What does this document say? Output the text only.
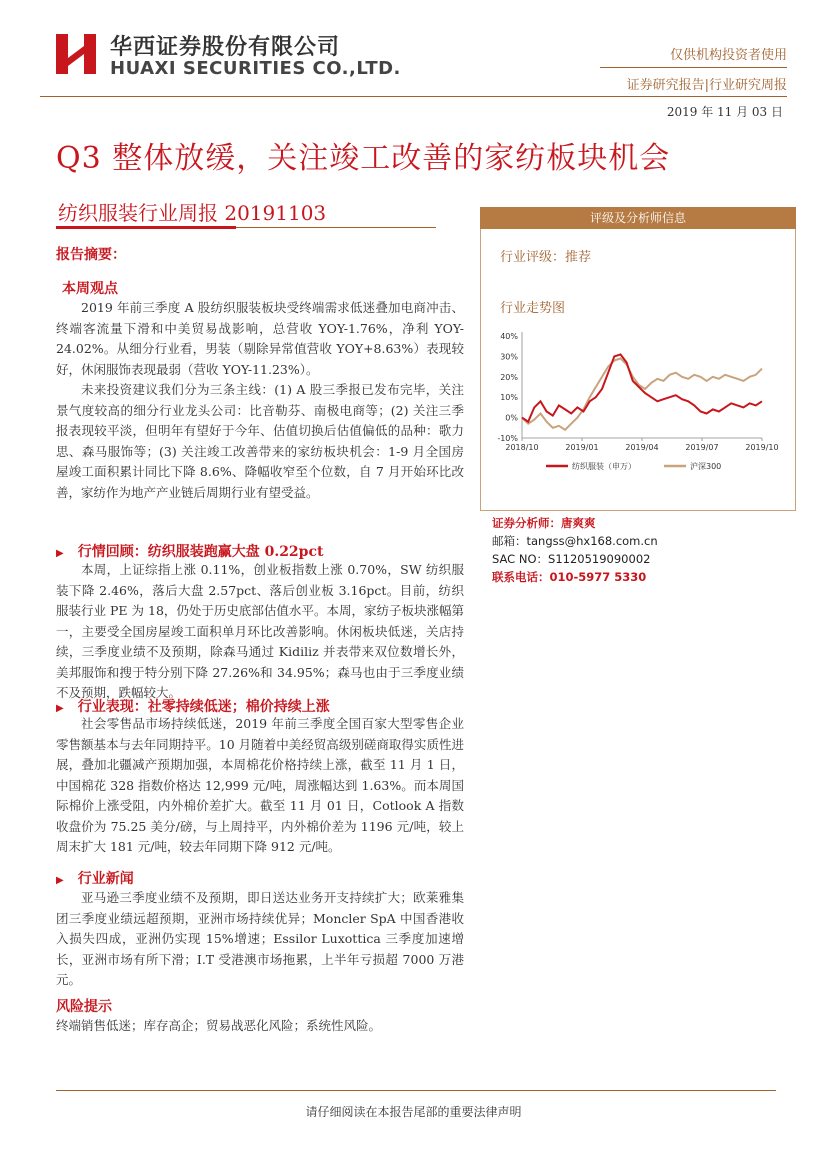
华西证券股份有限公司
HUAXI SECURITIES CO.,LTD.
仅供机构投资者使用
证券研究报告|行业研究周报
2019 年 11 月 03 日
Q3 整体放缓，关注竣工改善的家纺板块机会
纺织服装行业周报 20191103
报告摘要：
本周观点

2019 年前三季度 A 股纺织服装板块受终端需求低迷叠加电商冲击、终端客流量下滑和中美贸易战影响，总营收 YOY-1.76%，净利 YOY-24.02%。从细分行业看，男装（剔除异常值营收 YOY+8.63%）表现较好，休闲服饰表现最弱（营收 YOY-11.23%）。

未来投资建议我们分为三条主线：(1) A 股三季报已发布完毕，关注景气度较高的细分行业龙头公司：比音勒芬、南极电商等；(2) 关注三季报表现较平淡，但明年有望好于今年、估值切换后估值偏低的品种：歌力思、森马服饰等；(3) 关注竣工改善带来的家纺板块机会：1-9 月全国房屋竣工面积累计同比下降 8.6%、降幅收窄至个位数，自 7 月开始环比改善，家纺作为地产产业链后周期行业有望受益。

▶ 行情回顾：纺织服装跑赢大盘 0.22pct

本周，上证综指上涨 0.11%，创业板指数上涨 0.70%，SW 纺织服装下降 2.46%，落后大盘 2.57pct、落后创业板 3.16pct。目前，纺织服装行业 PE 为 18，仍处于历史底部估值水平。本周，家纺子板块涨幅第一，主要受全国房屋竣工面积单月环比改善影响。休闲板块低迷，关店持续，三季度业绩不及预期，除森马通过 Kidiliz 并表带来双位数增长外，美邦服饰和搜于特分别下降 27.26%和 34.95%；森马也由于三季度业绩不及预期，跌幅较大。

▶ 行业表现：社零持续低迷；棉价持续上涨

社会零售品市场持续低迷，2019 年前三季度全国百家大型零售企业零售额基本与去年同期持平。10 月随着中美经贸高级别磋商取得实质性进展，叠加北疆减产预期加强，本周棉花价格持续上涨，截至 11 月 1 日，中国棉花 328 指数价格达 12,999 元/吨，周涨幅达到 1.63%。而本周国际棉价上涨受阻，内外棉价差扩大。截至 11 月 01 日，Cotlook A 指数收盘价为 75.25 美分/磅，与上周持平，内外棉价差为 1196 元/吨，较上周末扩大 181 元/吨，较去年同期下降 912 元/吨。

▶ 行业新闻

亚马逊三季度业绩不及预期，即日送达业务开支持续扩大；欧莱雅集团三季度业绩远超预期，亚洲市场持续优异；Moncler SpA 中国香港收入损失四成，亚洲仍实现 15%增速；Essilor Luxottica 三季度加速增长，亚洲市场有所下滑；I.T 受港澳市场拖累，上半年亏损超 7000 万港元。

风险提示

终端销售低迷；库存高企；贸易战恶化风险；系统性风险。

评级及分析师信息
行业评级：推荐
行业走势图
40%
30%
20%
10%
0%
-10%
2018/10	2019/01	2019/04	2019/07	2019/10
纺织服装（申万）	沪深300
证券分析师：唐爽爽
邮箱：tangss@hx168.com.cn
SAC NO：S1120519090002
联系电话：010-5977 5330
请仔细阅读在本报告尾部的重要法律声明
